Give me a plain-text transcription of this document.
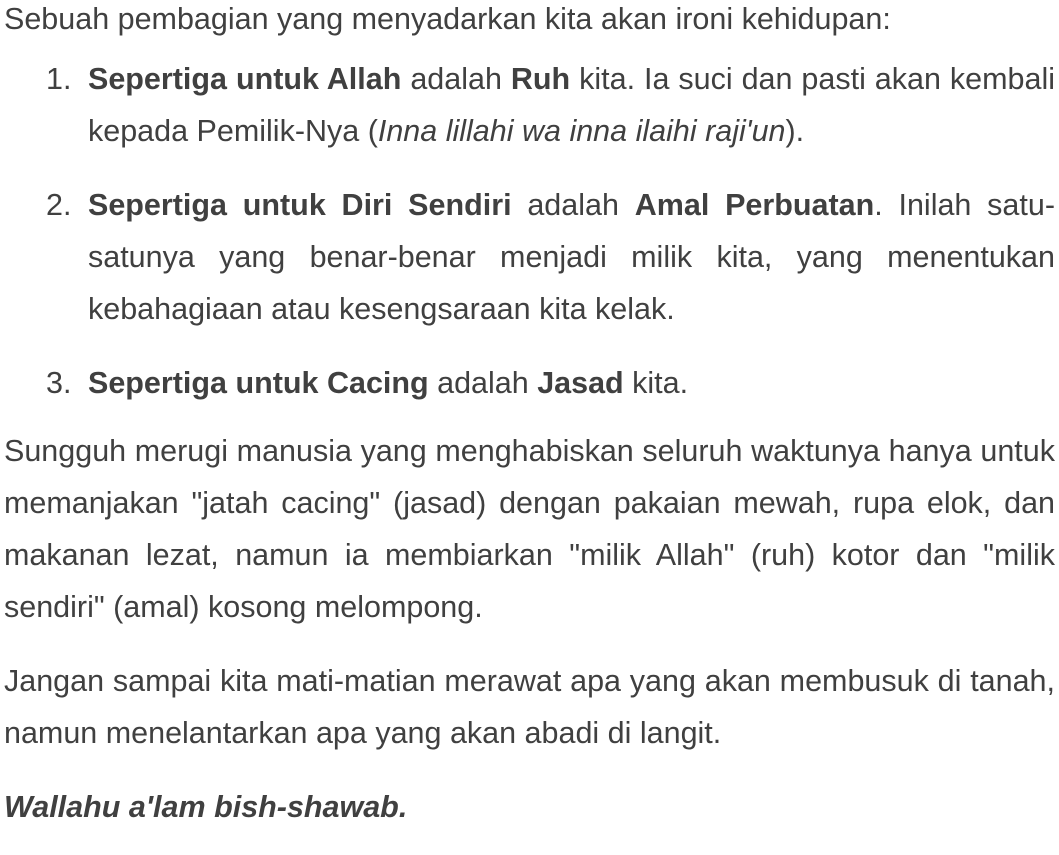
Sebuah pembagian yang menyadarkan kita akan ironi kehidupan:

1. Sepertiga untuk Allah adalah Ruh kita. Ia suci dan pasti akan kembali kepada Pemilik-Nya (Inna lillahi wa inna ilaihi raji'un).
2. Sepertiga untuk Diri Sendiri adalah Amal Perbuatan. Inilah satu-satunya yang benar-benar menjadi milik kita, yang menentukan kebahagiaan atau kesengsaraan kita kelak.
3. Sepertiga untuk Cacing adalah Jasad kita.

Sungguh merugi manusia yang menghabiskan seluruh waktunya hanya untuk memanjakan "jatah cacing" (jasad) dengan pakaian mewah, rupa elok, dan makanan lezat, namun ia membiarkan "milik Allah" (ruh) kotor dan "milik sendiri" (amal) kosong melompong.

Jangan sampai kita mati-matian merawat apa yang akan membusuk di tanah, namun menelantarkan apa yang akan abadi di langit.

Wallahu a'lam bish-shawab.
